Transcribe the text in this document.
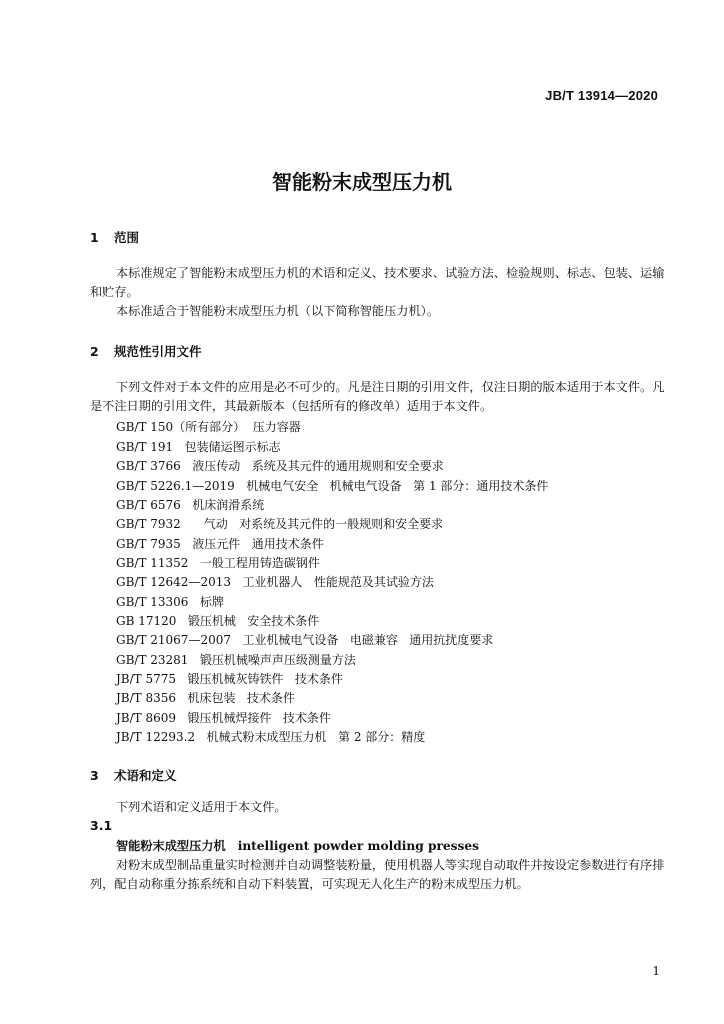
JB/T 13914—2020
智能粉末成型压力机
1 范围
本标准规定了智能粉末成型压力机的术语和定义、技术要求、试验方法、检验规则、标志、包装、运输和贮存。
本标准适合于智能粉末成型压力机（以下简称智能压力机）。
2 规范性引用文件
下列文件对于本文件的应用是必不可少的。凡是注日期的引用文件，仅注日期的版本适用于本文件。凡是不注日期的引用文件，其最新版本（包括所有的修改单）适用于本文件。
GB/T 150（所有部分）  压力容器
GB/T 191   包装储运图示标志
GB/T 3766   液压传动   系统及其元件的通用规则和安全要求
GB/T 5226.1—2019   机械电气安全   机械电气设备   第 1 部分：通用技术条件
GB/T 6576   机床润滑系统
GB/T 7932      气动   对系统及其元件的一般规则和安全要求
GB/T 7935   液压元件   通用技术条件
GB/T 11352   一般工程用铸造碳钢件
GB/T 12642—2013   工业机器人   性能规范及其试验方法
GB/T 13306   标牌
GB 17120   锻压机械   安全技术条件
GB/T 21067—2007   工业机械电气设备   电磁兼容   通用抗扰度要求
GB/T 23281   锻压机械噪声声压级测量方法
JB/T 5775   锻压机械灰铸铁件   技术条件
JB/T 8356   机床包装   技术条件
JB/T 8609   锻压机械焊接件   技术条件
JB/T 12293.2   机械式粉末成型压力机   第 2 部分：精度
3 术语和定义
下列术语和定义适用于本文件。
3.1
智能粉末成型压力机 intelligent powder molding presses
对粉末成型制品重量实时检测并自动调整装粉量，使用机器人等实现自动取件并按设定参数进行有序排列，配自动称重分拣系统和自动下料装置，可实现无人化生产的粉末成型压力机。
1
